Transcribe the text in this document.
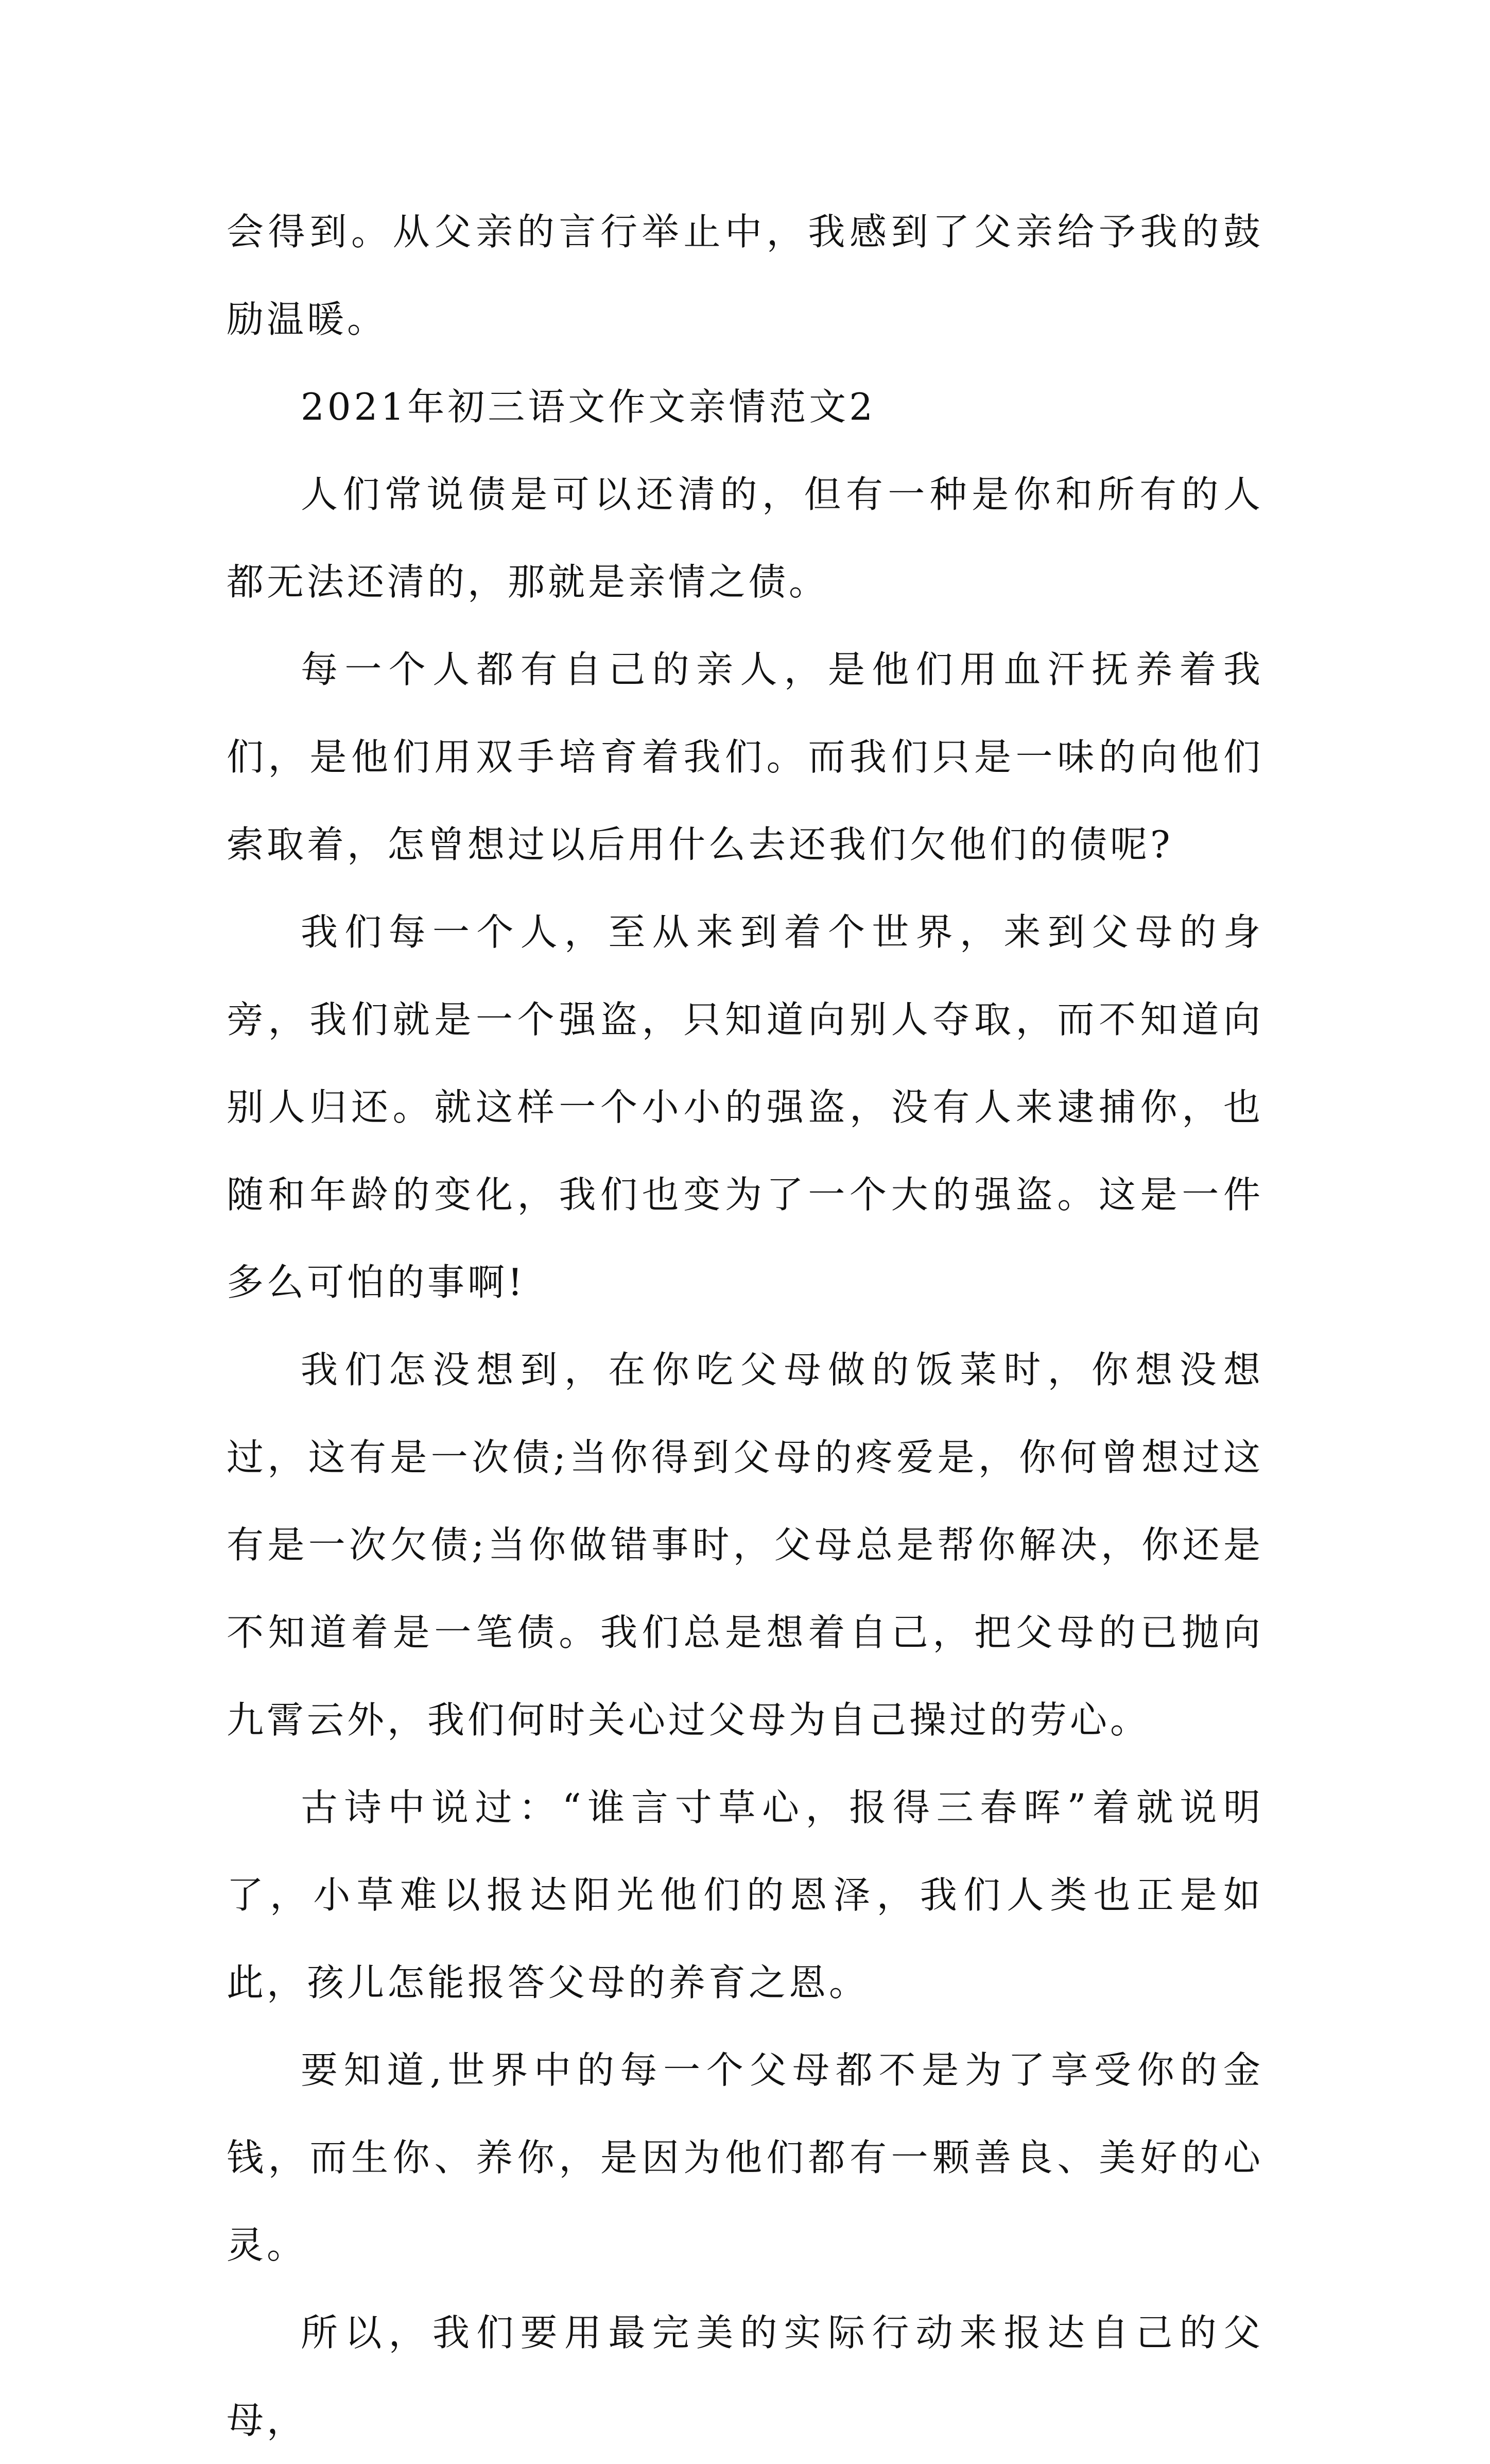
会得到。从父亲的言行举止中，我感到了父亲给予我的鼓励温暖。

2021年初三语文作文亲情范文2

人们常说债是可以还清的，但有一种是你和所有的人都无法还清的，那就是亲情之债。

每一个人都有自己的亲人，是他们用血汗抚养着我们，是他们用双手培育着我们。而我们只是一味的向他们索取着，怎曾想过以后用什么去还我们欠他们的债呢?

我们每一个人，至从来到着个世界，来到父母的身旁，我们就是一个强盗，只知道向别人夺取，而不知道向别人归还。就这样一个小小的强盗，没有人来逮捕你，也随和年龄的变化，我们也变为了一个大的强盗。这是一件多么可怕的事啊!

我们怎没想到，在你吃父母做的饭菜时，你想没想过，这有是一次债;当你得到父母的疼爱是，你何曾想过这有是一次欠债;当你做错事时，父母总是帮你解决，你还是不知道着是一笔债。我们总是想着自己，把父母的已抛向九霄云外，我们何时关心过父母为自己操过的劳心。

古诗中说过：“谁言寸草心，报得三春晖”着就说明了，小草难以报达阳光他们的恩泽，我们人类也正是如此，孩儿怎能报答父母的养育之恩。

要知道,世界中的每一个父母都不是为了享受你的金钱，而生你、养你，是因为他们都有一颗善良、美好的心灵。

所以，我们要用最完美的实际行动来报达自己的父母，
